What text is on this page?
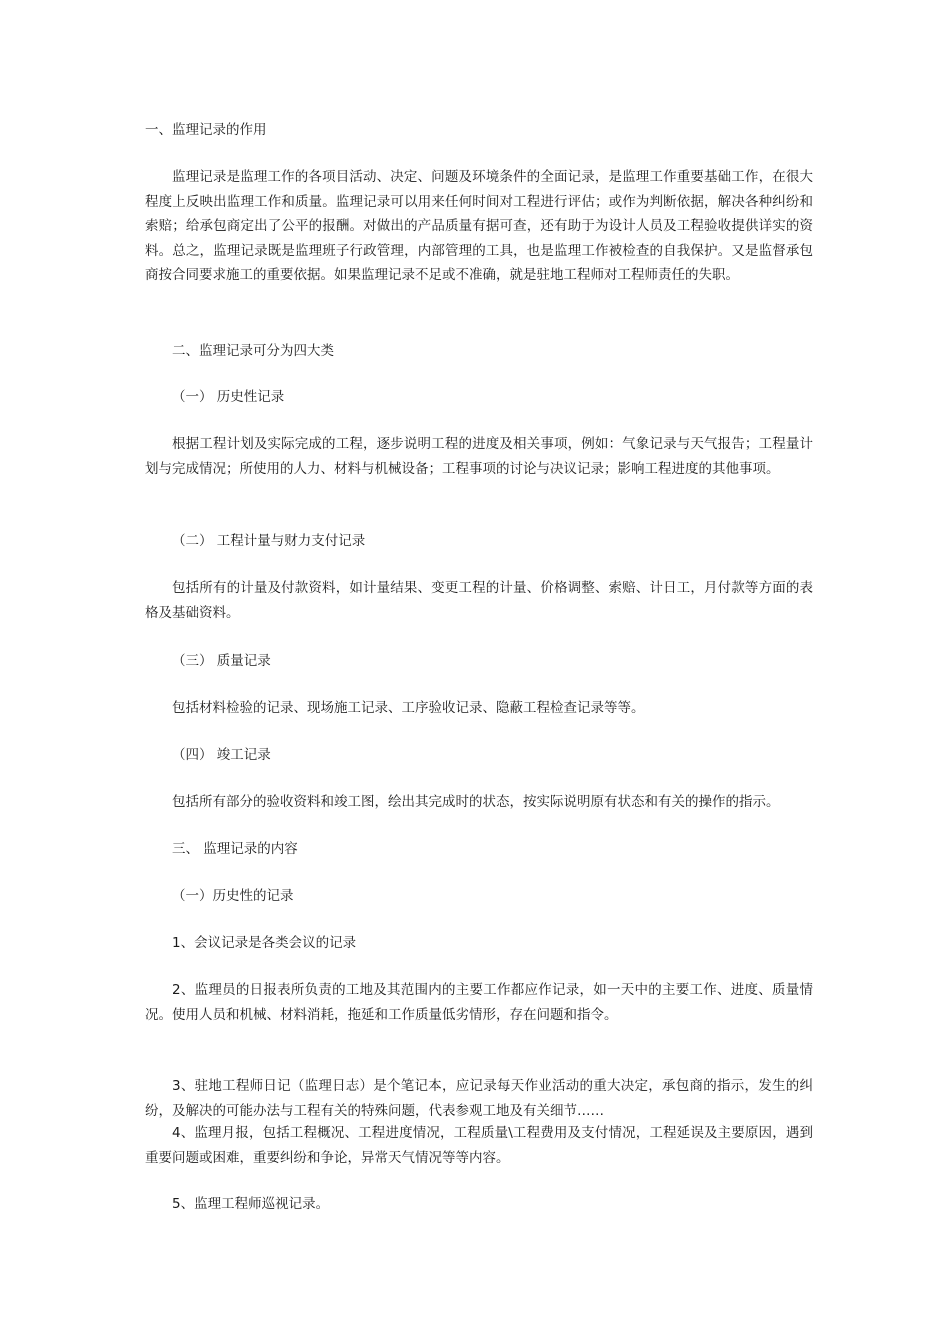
一、监理记录的作用

监理记录是监理工作的各项目活动、决定、问题及环境条件的全面记录，是监理工作重要基础工作，在很大程度上反映出监理工作和质量。监理记录可以用来任何时间对工程进行评估；或作为判断依据，解决各种纠纷和索赔；给承包商定出了公平的报酬。对做出的产品质量有据可查，还有助于为设计人员及工程验收提供详实的资料。总之，监理记录既是监理班子行政管理，内部管理的工具，也是监理工作被检查的自我保护。又是监督承包商按合同要求施工的重要依据。如果监理记录不足或不准确，就是驻地工程师对工程师责任的失职。

二、监理记录可分为四大类

（一） 历史性记录

根据工程计划及实际完成的工程，逐步说明工程的进度及相关事项，例如：气象记录与天气报告；工程量计划与完成情况；所使用的人力、材料与机械设备；工程事项的讨论与决议记录；影响工程进度的其他事项。

（二） 工程计量与财力支付记录

包括所有的计量及付款资料，如计量结果、变更工程的计量、价格调整、索赔、计日工，月付款等方面的表格及基础资料。

（三） 质量记录

包括材料检验的记录、现场施工记录、工序验收记录、隐蔽工程检查记录等等。

（四） 竣工记录

包括所有部分的验收资料和竣工图，绘出其完成时的状态，按实际说明原有状态和有关的操作的指示。

三、 监理记录的内容

（一）历史性的记录

1、会议记录是各类会议的记录

2、监理员的日报表所负责的工地及其范围内的主要工作都应作记录，如一天中的主要工作、进度、质量情况。使用人员和机械、材料消耗，拖延和工作质量低劣情形，存在问题和指令。

3、驻地工程师日记（监理日志）是个笔记本，应记录每天作业活动的重大决定，承包商的指示，发生的纠纷，及解决的可能办法与工程有关的特殊问题，代表参观工地及有关细节……

4、监理月报，包括工程概况、工程进度情况，工程质量\工程费用及支付情况，工程延误及主要原因，遇到重要问题或困难，重要纠纷和争论，异常天气情况等等内容。

5、监理工程师巡视记录。
